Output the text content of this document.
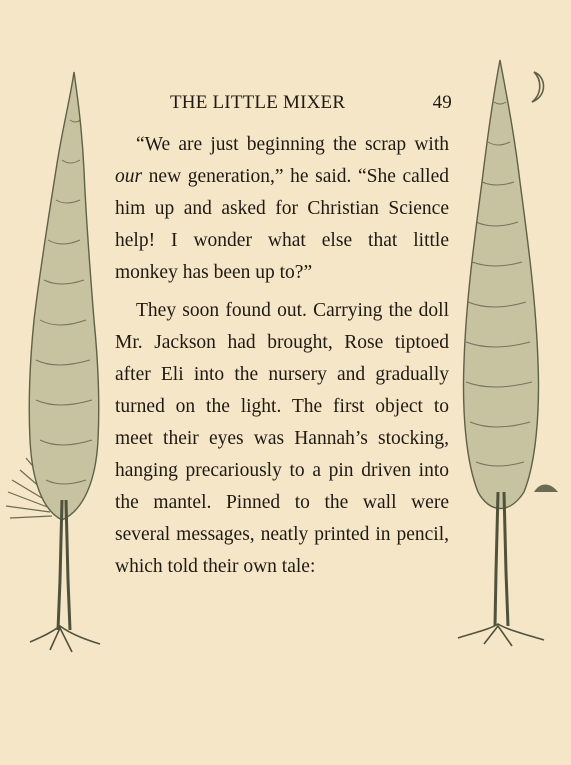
THE LITTLE MIXER	49

“We are just beginning the scrap with our new generation,” he said. “She called him up and asked for Christian Science help! I wonder what else that little monkey has been up to?”

They soon found out. Carrying the doll Mr. Jackson had brought, Rose tiptoed after Eli into the nursery and gradually turned on the light. The first object to meet their eyes was Hannah’s stocking, hanging precariously to a pin driven into the mantel. Pinned to the wall were several messages, neatly printed in pencil, which told their own tale:
